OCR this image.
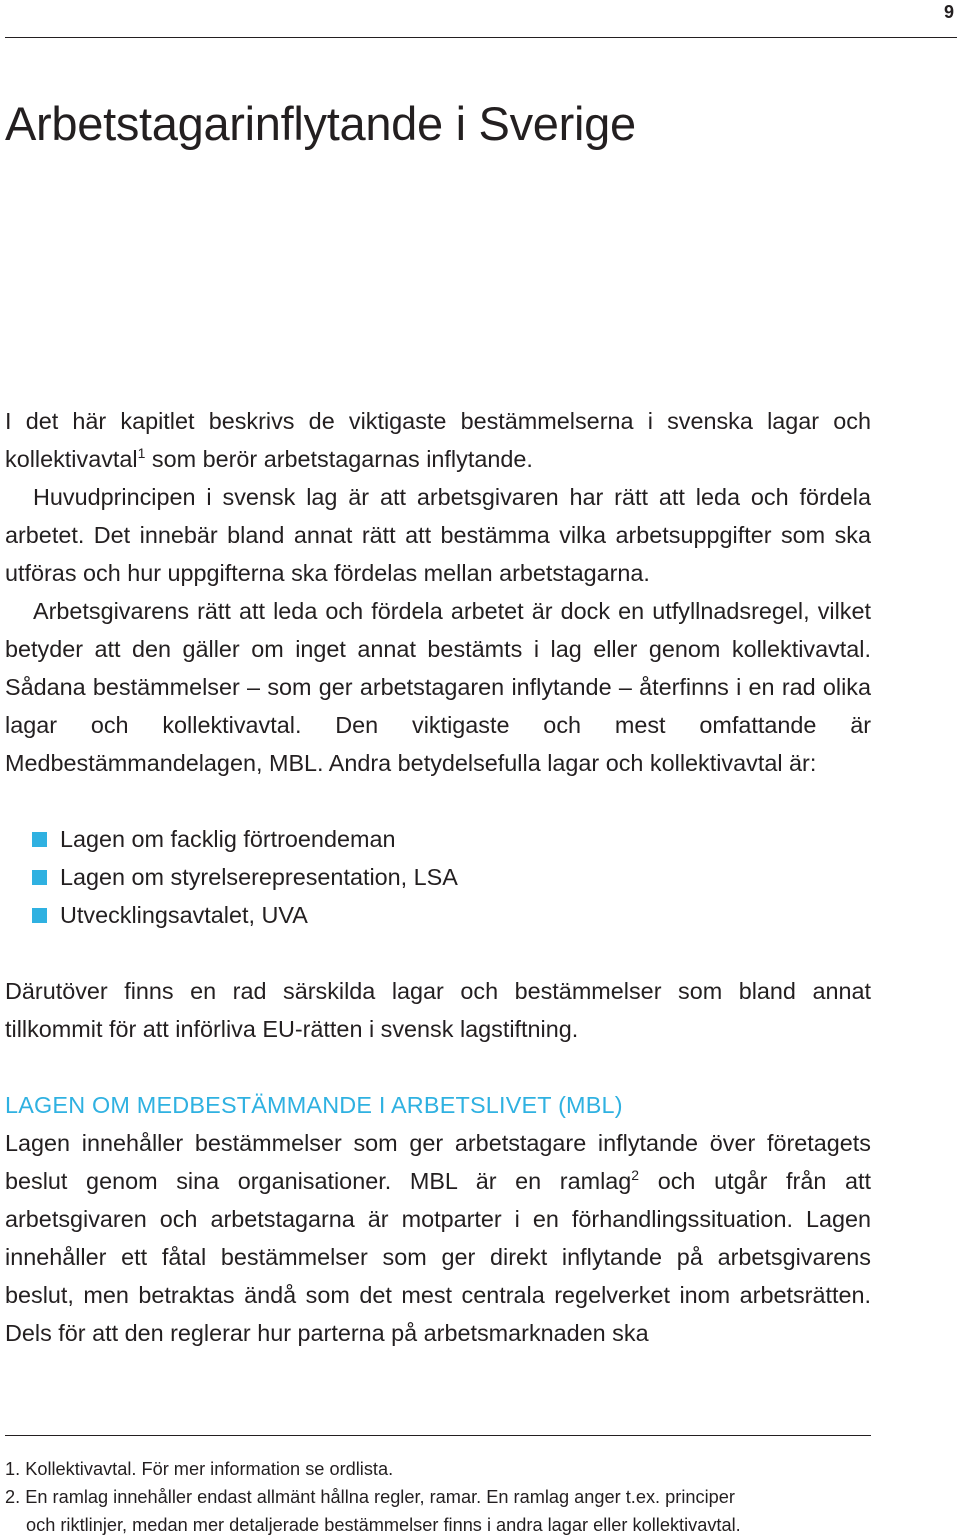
9
Arbetstagarinflytande i Sverige

I det här kapitlet beskrivs de viktigaste bestämmelserna i svenska lagar och kollektivavtal$^1$ som berör arbetstagarnas inflytande.

Huvudprincipen i svensk lag är att arbetsgivaren har rätt att leda och fördela arbetet. Det innebär bland annat rätt att bestämma vilka arbetsuppgifter som ska utföras och hur uppgifterna ska fördelas mellan arbetstagarna.

Arbetsgivarens rätt att leda och fördela arbetet är dock en utfyllnadsregel, vilket betyder att den gäller om inget annat bestämts i lag eller genom kollektivavtal. Sådana bestämmelser – som ger arbetstagaren inflytande – återfinns i en rad olika lagar och kollektivavtal. Den viktigaste och mest omfattande är Medbestämmandelagen, MBL. Andra betydelsefulla lagar och kollektivavtal är:

Lagen om facklig förtroendeman
Lagen om styrelserepresentation, LSA
Utvecklingsavtalet, UVA

Därutöver finns en rad särskilda lagar och bestämmelser som bland annat tillkommit för att införliva EU-rätten i svensk lagstiftning.

LAGEN OM MEDBESTÄMMANDE I ARBETSLIVET (MBL)

Lagen innehåller bestämmelser som ger arbetstagare inflytande över företagets beslut genom sina organisationer. MBL är en ramlag$^2$ och utgår från att arbetsgivaren och arbetstagarna är motparter i en förhandlingssituation. Lagen innehåller ett fåtal bestämmelser som ger direkt inflytande på arbetsgivarens beslut, men betraktas ändå som det mest centrala regelverket inom arbetsrätten. Dels för att den reglerar hur parterna på arbetsmarknaden ska

1. Kollektivavtal. För mer information se ordlista.

2. En ramlag innehåller endast allmänt hållna regler, ramar. En ramlag anger t.ex. principer

och riktlinjer, medan mer detaljerade bestämmelser finns i andra lagar eller kollektivavtal.
